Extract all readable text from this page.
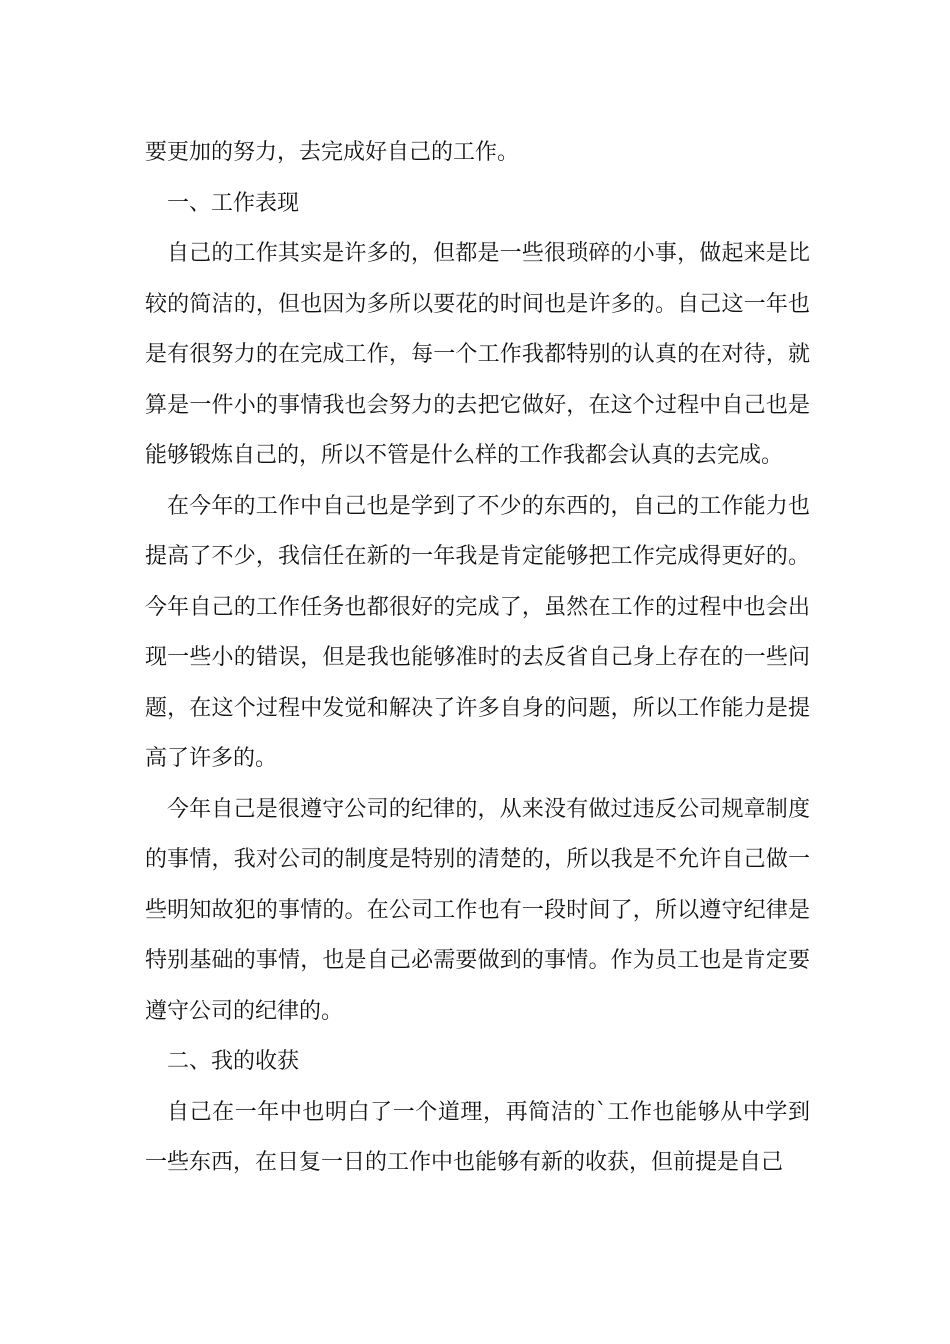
要更加的努力，去完成好自己的工作。

一、工作表现

自己的工作其实是许多的，但都是一些很琐碎的小事，做起来是比较的简洁的，但也因为多所以要花的时间也是许多的。自己这一年也是有很努力的在完成工作，每一个工作我都特别的认真的在对待，就算是一件小的事情我也会努力的去把它做好，在这个过程中自己也是能够锻炼自己的，所以不管是什么样的工作我都会认真的去完成。

在今年的工作中自己也是学到了不少的东西的，自己的工作能力也提高了不少，我信任在新的一年我是肯定能够把工作完成得更好的。今年自己的工作任务也都很好的完成了，虽然在工作的过程中也会出现一些小的错误，但是我也能够准时的去反省自己身上存在的一些问题，在这个过程中发觉和解决了许多自身的问题，所以工作能力是提高了许多的。

今年自己是很遵守公司的纪律的，从来没有做过违反公司规章制度的事情，我对公司的制度是特别的清楚的，所以我是不允许自己做一些明知故犯的事情的。在公司工作也有一段时间了，所以遵守纪律是特别基础的事情，也是自己必需要做到的事情。作为员工也是肯定要遵守公司的纪律的。

二、我的收获

自己在一年中也明白了一个道理，再简洁的`工作也能够从中学到一些东西，在日复一日的工作中也能够有新的收获，但前提是自己
